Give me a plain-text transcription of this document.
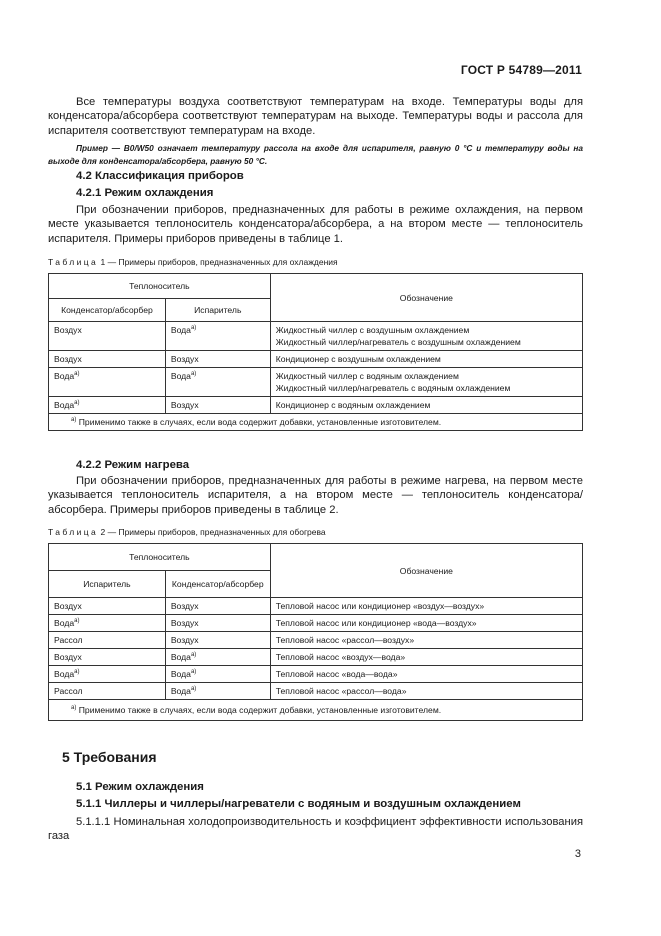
ГОСТ Р 54789—2011

Все температуры воздуха соответствуют температурам на входе. Температуры воды для конденсатора/абсорбера соответствуют температурам на выходе. Температуры воды и рассола для испарителя соответствуют температурам на входе.

Пример — B0/W50 означает температуру рассола на входе для испарителя, равную 0 °С и температуру воды на выходе для конденсатора/абсорбера, равную 50 °С.

4.2 Классификация приборов

4.2.1 Режим охлаждения

При обозначении приборов, предназначенных для работы в режиме охлаждения, на первом месте указывается теплоноситель конденсатора/абсорбера, а на втором месте — теплоноситель испарителя. Примеры приборов приведены в таблице 1.

Таблица 1 — Примеры приборов, предназначенных для охлаждения

Теплоноситель		Обозначение
Конденсатор/абсорбер	Испаритель	
Воздух	Вода$^{а)}$	Жидкостный чиллер с воздушным охлаждением
Жидкостный чиллер/нагреватель с воздушным охлаждением

Воздух	Воздух	Кондиционер с воздушным охлаждением

Вода$^{а)}$	Вода$^{а)}$	Жидкостный чиллер с водяным охлаждением
Жидкостный чиллер/нагреватель с водяным охлаждением

Вода$^{а)}$	Воздух	Кондиционер с водяным охлаждением

$^{а)}$ Применимо также в случаях, если вода содержит добавки, установленные изготовителем.		

4.2.2 Режим нагрева

При обозначении приборов, предназначенных для работы в режиме нагрева, на первом месте указывается теплоноситель испарителя, а на втором месте — теплоноситель конденсатора/абсорбера. Примеры приборов приведены в таблице 2.

Таблица 2 — Примеры приборов, предназначенных для обогрева

Теплоноситель		Обозначение
Испаритель	Конденсатор/абсорбер	
Воздух	Воздух	Тепловой насос или кондиционер «воздух—воздух»
Вода$^{а)}$	Воздух	Тепловой насос или кондиционер «вода—воздух»
Рассол	Воздух	Тепловой насос «рассол—воздух»
Воздух	Вода$^{а)}$	Тепловой насос «воздух—вода»
Вода$^{а)}$	Вода$^{а)}$	Тепловой насос «вода—вода»
Рассол	Вода$^{а)}$	Тепловой насос «рассол—вода»
$^{а)}$ Применимо также в случаях, если вода содержит добавки, установленные изготовителем.		

5 Требования

5.1 Режим охлаждения

5.1.1 Чиллеры и чиллеры/нагреватели с водяным и воздушным охлаждением

5.1.1.1 Номинальная холодопроизводительность и коэффициент эффективности использования газа

3
